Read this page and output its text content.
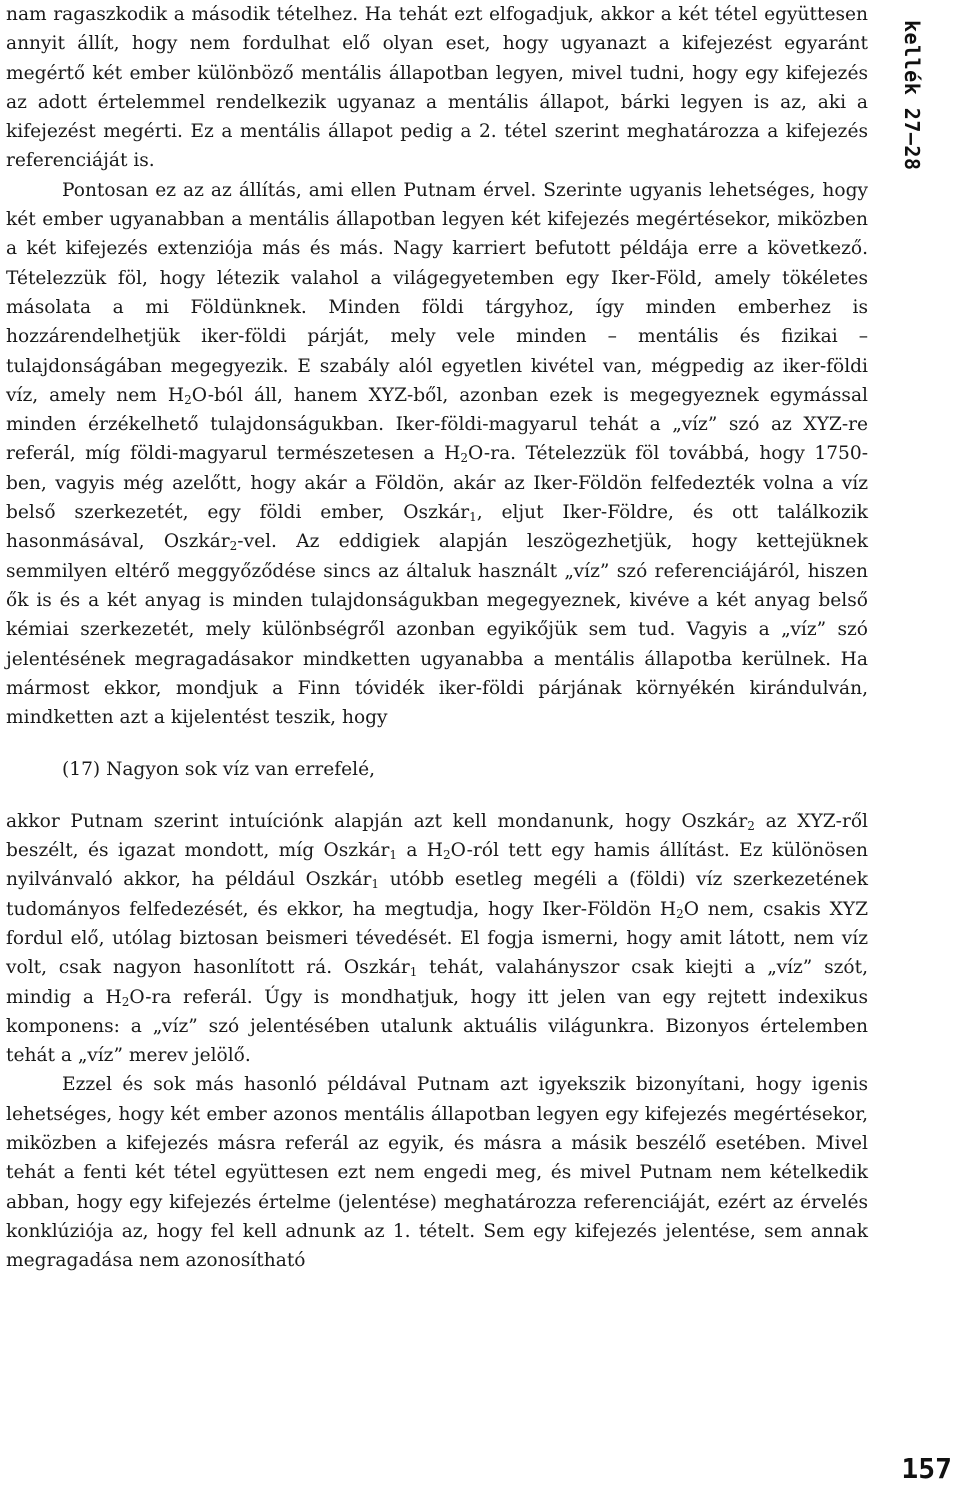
nam ragaszkodik a második tételhez. Ha tehát ezt elfogadjuk, akkor a két tétel együttesen annyit állít, hogy nem fordulhat elő olyan eset, hogy ugyanazt a kifejezést egyaránt megértő két ember különböző mentális állapotban legyen, mivel tudni, hogy egy kifejezés az adott értelemmel rendelkezik ugyanaz a mentális állapot, bárki legyen is az, aki a kifejezést megérti. Ez a mentális állapot pedig a 2. tétel szerint meghatározza a kifejezés referenciáját is.

Pontosan ez az az állítás, ami ellen Putnam érvel. Szerinte ugyanis lehetséges, hogy két ember ugyanabban a mentális állapotban legyen két kifejezés megértésekor, miközben a két kifejezés extenziója más és más. Nagy karriert befutott példája erre a következő. Tételezzük föl, hogy létezik valahol a világegyetemben egy Iker-Föld, amely tökéletes másolata a mi Földünknek. Minden földi tárgyhoz, így minden emberhez is hozzárendelhetjük iker-földi párját, mely vele minden – mentális és fizikai – tulajdonságában megegyezik. E szabály alól egyetlen kivétel van, mégpedig az iker-földi víz, amely nem $H_2O$-ból áll, hanem XYZ-ből, azonban ezek is megegyeznek egymással minden érzékelhető tulajdonságukban. Iker-földi-magyarul tehát a „víz” szó az XYZ-re referál, míg földi-magyarul természetesen a $H_2O-ra$. Tételezzük föl továbbá, hogy 1750-ben, vagyis még azelőtt, hogy akár a Földön, akár az Iker-Földön felfedezték volna a víz belső szerkezetét, egy földi ember, Oszkár$_1$, eljut Iker-Földre, és ott találkozik hasonmásával, Oszkár$_2$-vel. Az eddigiek alapján leszögezhetjük, hogy kettejüknek semmilyen eltérő meggyőződése sincs az általuk használt „víz” szó referenciájáról, hiszen ők is és a két anyag is minden tulajdonságukban megegyeznek, kivéve a két anyag belső kémiai szerkezetét, mely különbségről azonban egyikőjük sem tud. Vagyis a „víz” szó jelentésének megragadásakor mindketten ugyanabba a mentális állapotba kerülnek. Ha mármost ekkor, mondjuk a Finn tóvidék iker-földi párjának környékén kirándulván, mindketten azt a kijelentést teszik, hogy

(17) Nagyon sok víz van errefelé,

akkor Putnam szerint intuíciónk alapján azt kell mondanunk, hogy Oszkár$_2$ az XYZ-ről beszélt, és igazat mondott, míg Oszkár$_1$ a $H_2O$-ról tett egy hamis állítást. Ez különösen nyilvánvaló akkor, ha például Oszkár$_1$ utóbb esetleg megéli a (földi) víz szerkezetének tudományos felfedezését, és ekkor, ha megtudja, hogy Iker-Földön $H_2O$ nem, csakis XYZ fordul elő, utólag biztosan beismeri tévedését. El fogja ismerni, hogy amit látott, nem víz volt, csak nagyon hasonlított rá. Oszkár$_1$ tehát, valahányszor csak kiejti a „víz” szót, mindig a $H_2O-ra$ referál. Úgy is mondhatjuk, hogy itt jelen van egy rejtett indexikus komponens: a „víz” szó jelentésében utalunk aktuális világunkra. Bizonyos értelemben tehát a „víz” merev jelölő.

Ezzel és sok más hasonló példával Putnam azt igyekszik bizonyítani, hogy igenis lehetséges, hogy két ember azonos mentális állapotban legyen egy kifejezés megértésekor, miközben a kifejezés másra referál az egyik, és másra a másik beszélő esetében. Mivel tehát a fenti két tétel együttesen ezt nem engedi meg, és mivel Putnam nem kételkedik abban, hogy egy kifejezés értelme (jelentése) meghatározza referenciáját, ezért az érvelés konklúziója az, hogy fel kell adnunk az 1. tételt. Sem egy kifejezés jelentése, sem annak megragadása nem azonosítható

kellék 27–28
157
